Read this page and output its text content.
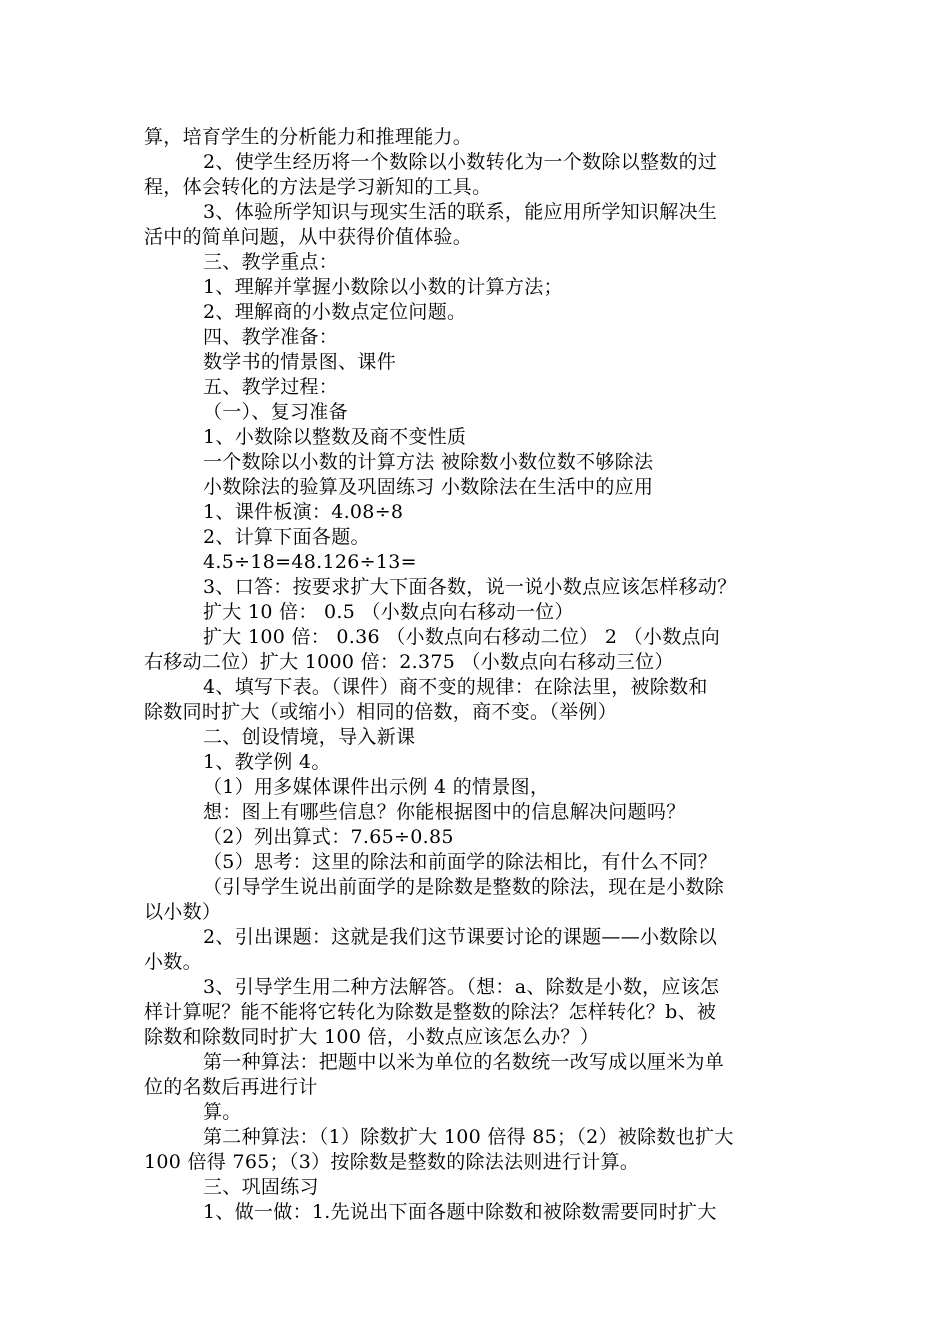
算，培育学生的分析能力和推理能力。
2、使学生经历将一个数除以小数转化为一个数除以整数的过
程，体会转化的方法是学习新知的工具。
3、体验所学知识与现实生活的联系，能应用所学知识解决生
活中的简单问题，从中获得价值体验。
三、教学重点：
1、理解并掌握小数除以小数的计算方法；
2、理解商的小数点定位问题。
四、教学准备：
数学书的情景图、课件
五、教学过程：
（一）、复习准备
1、小数除以整数及商不变性质
一个数除以小数的计算方法 被除数小数位数不够除法
小数除法的验算及巩固练习 小数除法在生活中的应用
1、课件板演：4.08÷8
2、计算下面各题。
4.5÷18=48.126÷13=
3、口答：按要求扩大下面各数，说一说小数点应该怎样移动？
扩大 10 倍： 0.5 （小数点向右移动一位）
扩大 100 倍： 0.36 （小数点向右移动二位） 2 （小数点向
右移动二位）扩大 1000 倍：2.375 （小数点向右移动三位）
4、填写下表。（课件）商不变的规律：在除法里，被除数和
除数同时扩大（或缩小）相同的倍数，商不变。（举例）
二、创设情境，导入新课
1、教学例 4。
（1）用多媒体课件出示例 4 的情景图，
想：图上有哪些信息？你能根据图中的信息解决问题吗？
（2）列出算式：7.65÷0.85
（5）思考：这里的除法和前面学的除法相比，有什么不同？
（引导学生说出前面学的是除数是整数的除法，现在是小数除
以小数）
2、引出课题：这就是我们这节课要讨论的课题——小数除以
小数。
3、引导学生用二种方法解答。（想：a、除数是小数，应该怎
样计算呢？能不能将它转化为除数是整数的除法？怎样转化？b、被
除数和除数同时扩大 100 倍，小数点应该怎么办？）
第一种算法：把题中以米为单位的名数统一改写成以厘米为单
位的名数后再进行计
算。
第二种算法：（1）除数扩大 100 倍得 85；（2）被除数也扩大
100 倍得 765；（3）按除数是整数的除法法则进行计算。
三、巩固练习
1、做一做：1.先说出下面各题中除数和被除数需要同时扩大
